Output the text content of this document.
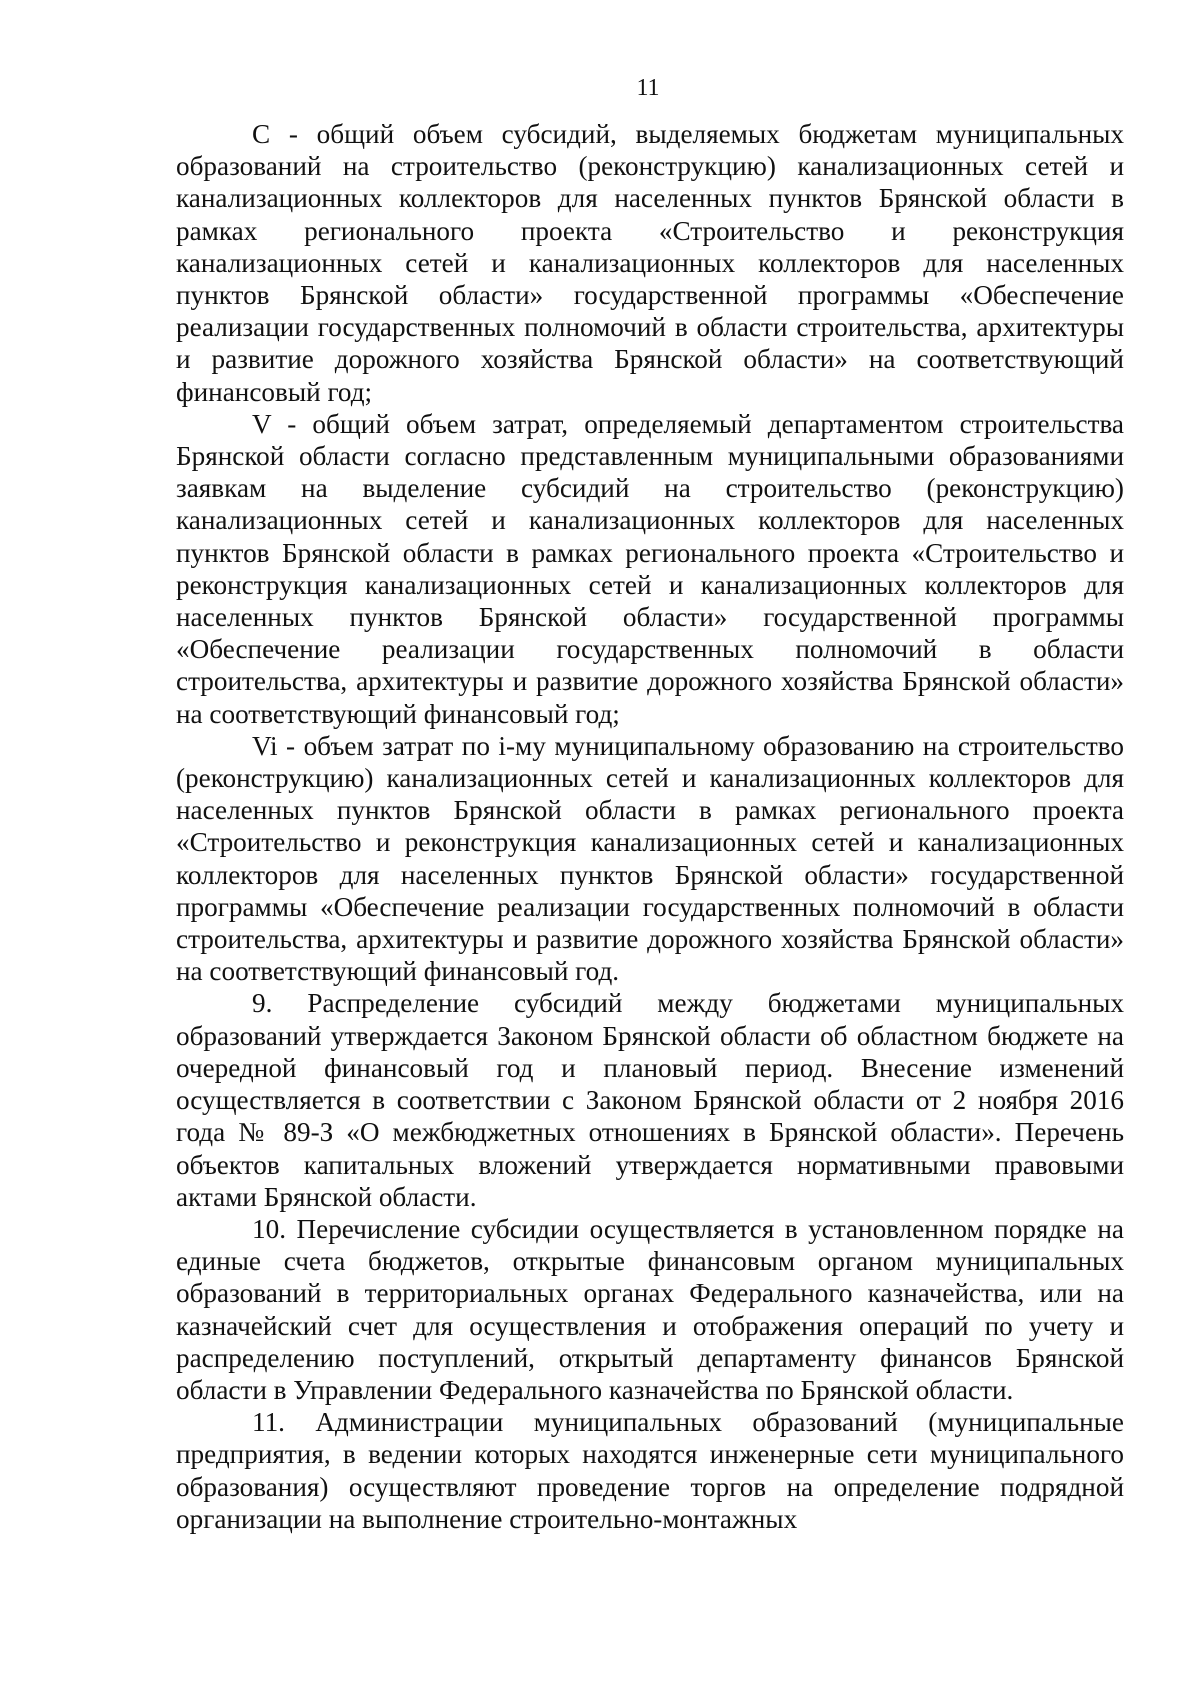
11

C - общий объем субсидий, выделяемых бюджетам муниципальных образований на строительство (реконструкцию) канализационных сетей и канализационных коллекторов для населенных пунктов Брянской области в рамках регионального проекта «Строительство и реконструкция канализационных сетей и канализационных коллекторов для населенных пунктов Брянской области» государственной программы «Обеспечение реализации государственных полномочий в области строительства, архитектуры и развитие дорожного хозяйства Брянской области» на соответствующий финансовый год;

V - общий объем затрат, определяемый департаментом строительства Брянской области согласно представленным муниципальными образованиями заявкам на выделение субсидий на строительство (реконструкцию) канализационных сетей и канализационных коллекторов для населенных пунктов Брянской области в рамках регионального проекта «Строительство и реконструкция канализационных сетей и канализационных коллекторов для населенных пунктов Брянской области» государственной программы «Обеспечение реализации государственных полномочий в области строительства, архитектуры и развитие дорожного хозяйства Брянской области» на соответствующий финансовый год;

Vi - объем затрат по i-му муниципальному образованию на строительство (реконструкцию) канализационных сетей и канализационных коллекторов для населенных пунктов Брянской области в рамках регионального проекта «Строительство и реконструкция канализационных сетей и канализационных коллекторов для населенных пунктов Брянской области» государственной программы «Обеспечение реализации государственных полномочий в области строительства, архитектуры и развитие дорожного хозяйства Брянской области» на соответствующий финансовый год.

9. Распределение субсидий между бюджетами муниципальных образований утверждается Законом Брянской области об областном бюджете на очередной финансовый год и плановый период. Внесение изменений осуществляется в соответствии с Законом Брянской области от 2 ноября 2016 года № 89-З «О межбюджетных отношениях в Брянской области». Перечень объектов капитальных вложений утверждается нормативными правовыми актами Брянской области.

10. Перечисление субсидии осуществляется в установленном порядке на единые счета бюджетов, открытые финансовым органом муниципальных образований в территориальных органах Федерального казначейства, или на казначейский счет для осуществления и отображения операций по учету и распределению поступлений, открытый департаменту финансов Брянской области в Управлении Федерального казначейства по Брянской области.

11. Администрации муниципальных образований (муниципальные предприятия, в ведении которых находятся инженерные сети муниципального образования) осуществляют проведение торгов на определение подрядной организации на выполнение строительно-монтажных
